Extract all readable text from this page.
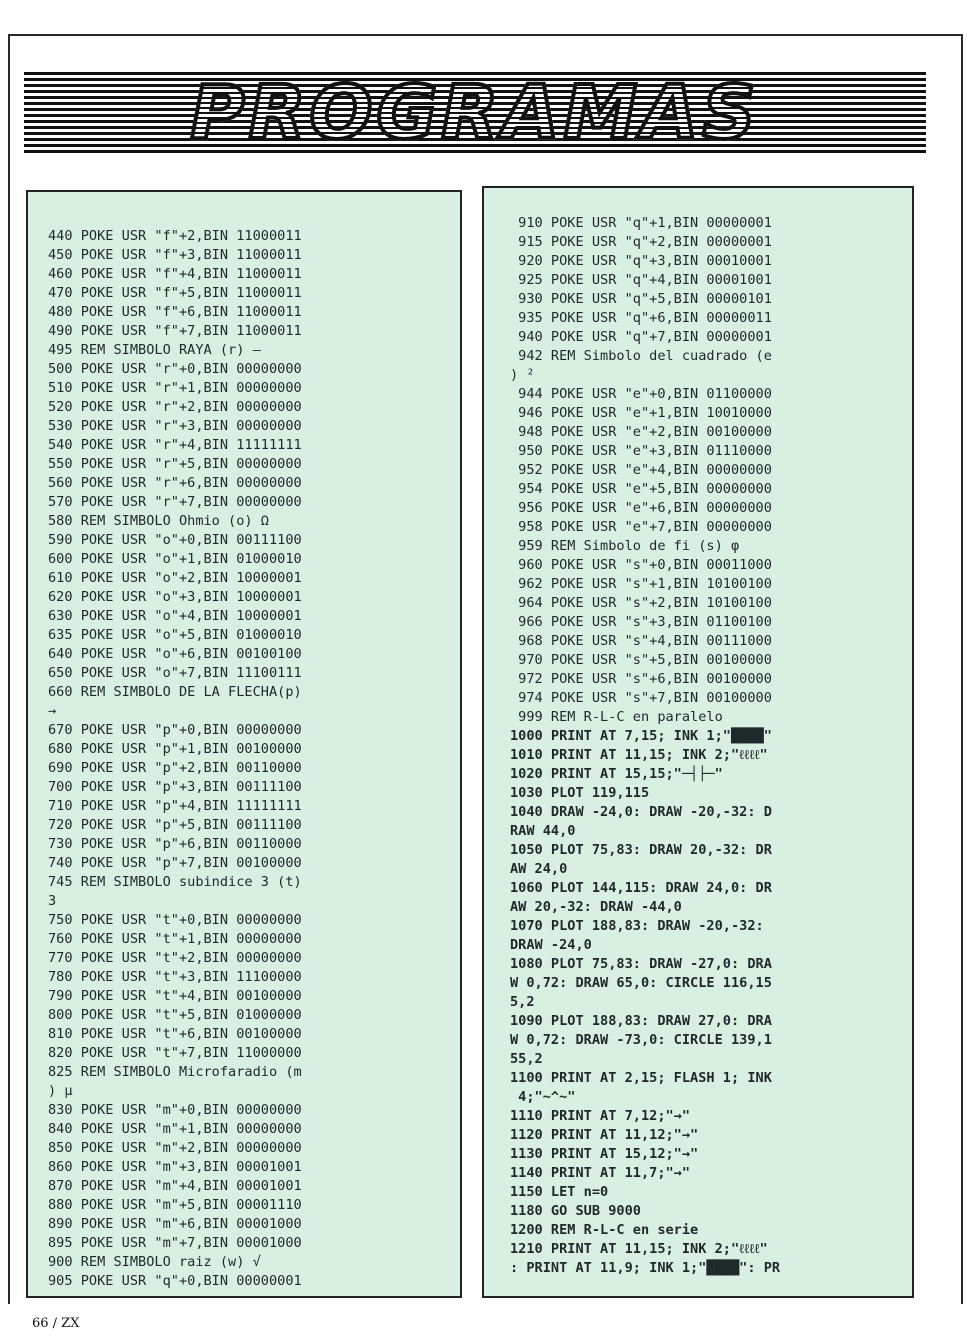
PROGRAMAS
440 POKE USR "f"+2,BIN 11000011
450 POKE USR "f"+3,BIN 11000011
460 POKE USR "f"+4,BIN 11000011
470 POKE USR "f"+5,BIN 11000011
480 POKE USR "f"+6,BIN 11000011
490 POKE USR "f"+7,BIN 11000011
495 REM SIMBOLO RAYA (r) —
500 POKE USR "r"+0,BIN 00000000
510 POKE USR "r"+1,BIN 00000000
520 POKE USR "r"+2,BIN 00000000
530 POKE USR "r"+3,BIN 00000000
540 POKE USR "r"+4,BIN 11111111
550 POKE USR "r"+5,BIN 00000000
560 POKE USR "r"+6,BIN 00000000
570 POKE USR "r"+7,BIN 00000000
580 REM SIMBOLO Ohmio (o) Ω
590 POKE USR "o"+0,BIN 00111100
600 POKE USR "o"+1,BIN 01000010
610 POKE USR "o"+2,BIN 10000001
620 POKE USR "o"+3,BIN 10000001
630 POKE USR "o"+4,BIN 10000001
635 POKE USR "o"+5,BIN 01000010
640 POKE USR "o"+6,BIN 00100100
650 POKE USR "o"+7,BIN 11100111
660 REM SIMBOLO DE LA FLECHA(p)
→
670 POKE USR "p"+0,BIN 00000000
680 POKE USR "p"+1,BIN 00100000
690 POKE USR "p"+2,BIN 00110000
700 POKE USR "p"+3,BIN 00111100
710 POKE USR "p"+4,BIN 11111111
720 POKE USR "p"+5,BIN 00111100
730 POKE USR "p"+6,BIN 00110000
740 POKE USR "p"+7,BIN 00100000
745 REM SIMBOLO subindice 3 (t)
3
750 POKE USR "t"+0,BIN 00000000
760 POKE USR "t"+1,BIN 00000000
770 POKE USR "t"+2,BIN 00000000
780 POKE USR "t"+3,BIN 11100000
790 POKE USR "t"+4,BIN 00100000
800 POKE USR "t"+5,BIN 01000000
810 POKE USR "t"+6,BIN 00100000
820 POKE USR "t"+7,BIN 11000000
825 REM SIMBOLO Microfaradio (m
) µ
830 POKE USR "m"+0,BIN 00000000
840 POKE USR "m"+1,BIN 00000000
850 POKE USR "m"+2,BIN 00000000
860 POKE USR "m"+3,BIN 00001001
870 POKE USR "m"+4,BIN 00001001
880 POKE USR "m"+5,BIN 00001110
890 POKE USR "m"+6,BIN 00001000
895 POKE USR "m"+7,BIN 00001000
900 REM SIMBOLO raiz (w) √
905 POKE USR "q"+0,BIN 00000001
910 POKE USR "q"+1,BIN 00000001
915 POKE USR "q"+2,BIN 00000001
920 POKE USR "q"+3,BIN 00010001
925 POKE USR "q"+4,BIN 00001001
930 POKE USR "q"+5,BIN 00000101
935 POKE USR "q"+6,BIN 00000011
940 POKE USR "q"+7,BIN 00000001
942 REM Simbolo del cuadrado (e
) ²
944 POKE USR "e"+0,BIN 01100000
946 POKE USR "e"+1,BIN 10010000
948 POKE USR "e"+2,BIN 00100000
950 POKE USR "e"+3,BIN 01110000
952 POKE USR "e"+4,BIN 00000000
954 POKE USR "e"+5,BIN 00000000
956 POKE USR "e"+6,BIN 00000000
958 POKE USR "e"+7,BIN 00000000
959 REM Simbolo de fi (s) φ
960 POKE USR "s"+0,BIN 00011000
962 POKE USR "s"+1,BIN 10100100
964 POKE USR "s"+2,BIN 10100100
966 POKE USR "s"+3,BIN 01100100
968 POKE USR "s"+4,BIN 00111000
970 POKE USR "s"+5,BIN 00100000
972 POKE USR "s"+6,BIN 00100000
974 POKE USR "s"+7,BIN 00100000
999 REM R-L-C en paralelo
1000 PRINT AT 7,15; INK 1;"████"
1010 PRINT AT 11,15; INK 2;"ℓℓℓℓ"
1020 PRINT AT 15,15;"─┤├─"
1030 PLOT 119,115
1040 DRAW -24,0: DRAW -20,-32: D
RAW 44,0
1050 PLOT 75,83: DRAW 20,-32: DR
AW 24,0
1060 PLOT 144,115: DRAW 24,0: DR
AW 20,-32: DRAW -44,0
1070 PLOT 188,83: DRAW -20,-32:
DRAW -24,0
1080 PLOT 75,83: DRAW -27,0: DRA
W 0,72: DRAW 65,0: CIRCLE 116,15
5,2
1090 PLOT 188,83: DRAW 27,0: DRA
W 0,72: DRAW -73,0: CIRCLE 139,1
55,2
1100 PRINT AT 2,15; FLASH 1; INK
4;"~^~"
1110 PRINT AT 7,12;"→"
1120 PRINT AT 11,12;"→"
1130 PRINT AT 15,12;"→"
1140 PRINT AT 11,7;"→"
1150 LET n=0
1180 GO SUB 9000
1200 REM R-L-C en serie
1210 PRINT AT 11,15; INK 2;"ℓℓℓℓ"
: PRINT AT 11,9; INK 1;"████": PR
66 / ZX
